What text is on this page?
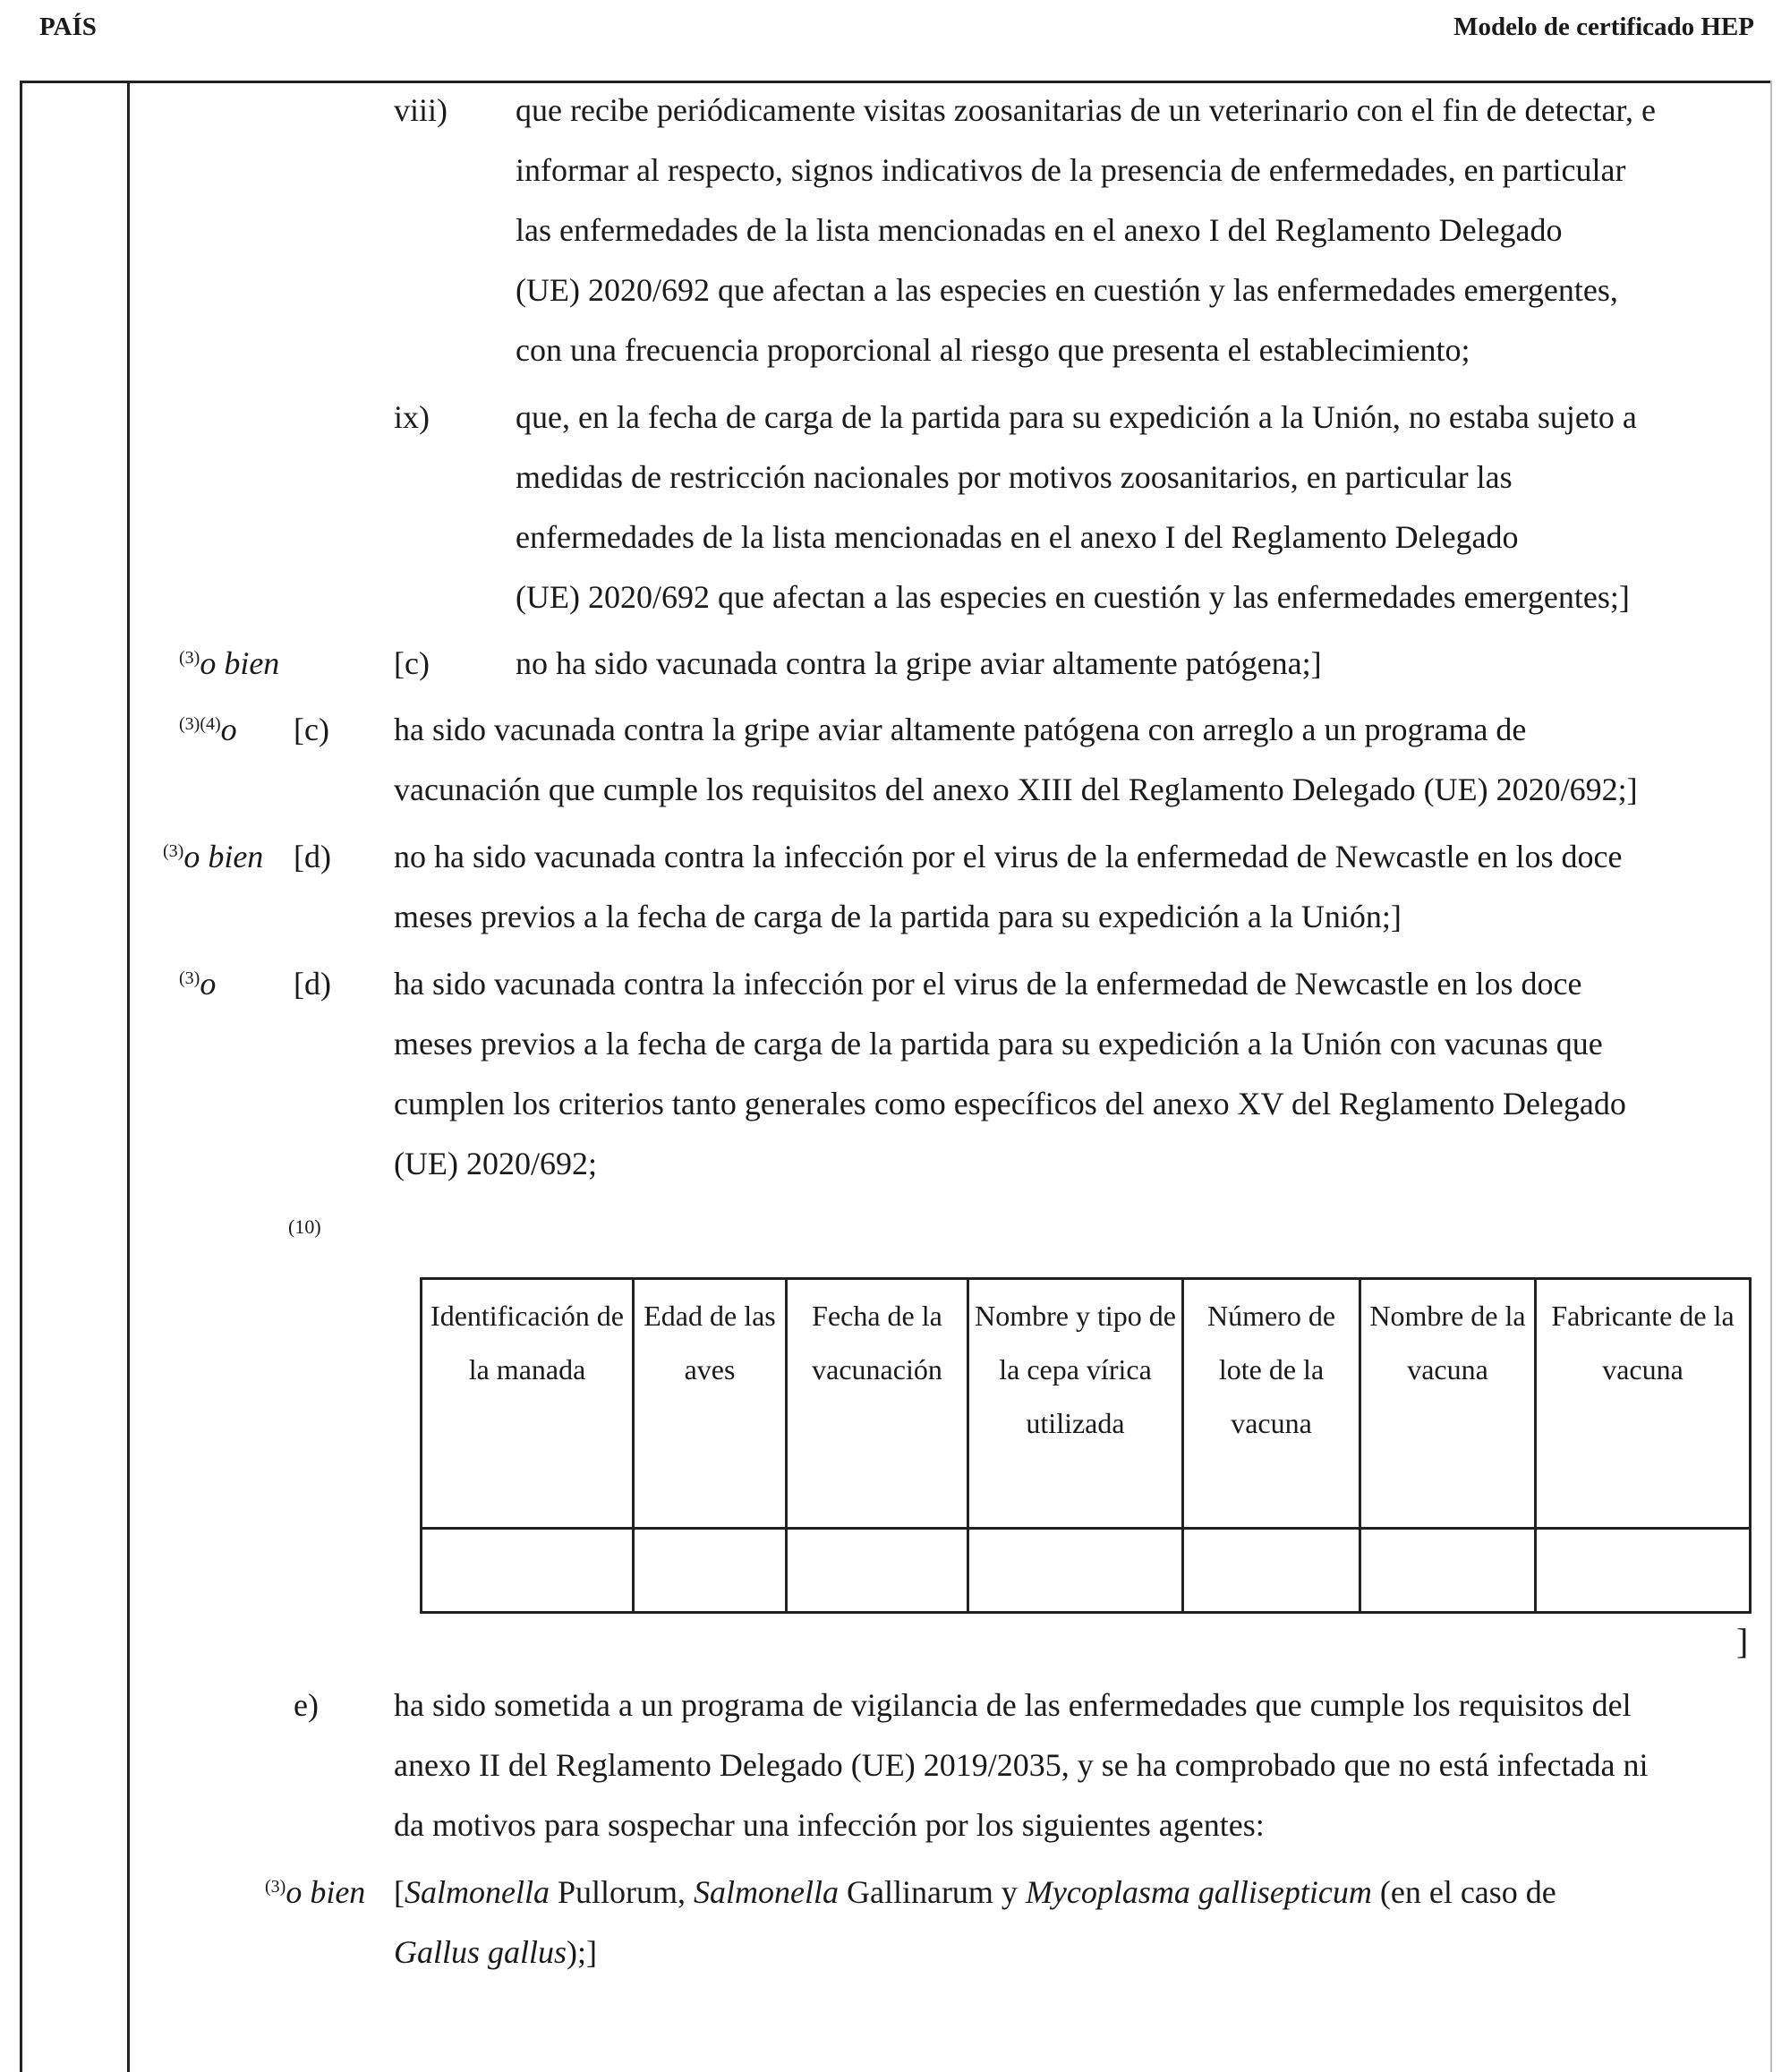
PAÍS	Modelo de certificado HEP
viii) que recibe periódicamente visitas zoosanitarias de un veterinario con el fin de detectar, e
informar al respecto, signos indicativos de la presencia de enfermedades, en particular
las enfermedades de la lista mencionadas en el anexo I del Reglamento Delegado
(UE) 2020/692 que afectan a las especies en cuestión y las enfermedades emergentes,
con una frecuencia proporcional al riesgo que presenta el establecimiento;
ix)	que, en la fecha de carga de la partida para su expedición a la Unión, no estaba sujeto a
medidas de restricción nacionales por motivos zoosanitarios, en particular las
enfermedades de la lista mencionadas en el anexo I del Reglamento Delegado
(UE) 2020/692 que afectan a las especies en cuestión y las enfermedades emergentes;]
$^{(3)}$o bien	[c)	no ha sido vacunada contra la gripe aviar altamente patógena;]
$^{(3)(4)}$o [c) ha sido vacunada contra la gripe aviar altamente patógena con arreglo a un programa de
vacunación que cumple los requisitos del anexo XIII del Reglamento Delegado (UE) 2020/692;]
$^{(3)}$o bien [d) no ha sido vacunada contra la infección por el virus de la enfermedad de Newcastle en los doce
meses previos a la fecha de carga de la partida para su expedición a la Unión;]
$^{(3)}$o [d) ha sido vacunada contra la infección por el virus de la enfermedad de Newcastle en los doce
meses previos a la fecha de carga de la partida para su expedición a la Unión con vacunas que
cumplen los criterios tanto generales como específicos del anexo XV del Reglamento Delegado
(UE) 2020/692;
(10)
Identificación de la manada	Edad de las aves	Fecha de la vacunación	Nombre y tipo de la cepa vírica utilizada	Número de lote de la vacuna	Nombre de la vacuna	Fabricante de la vacuna

]
e) ha sido sometida a un programa de vigilancia de las enfermedades que cumple los requisitos del
anexo II del Reglamento Delegado (UE) 2019/2035, y se ha comprobado que no está infectada ni
da motivos para sospechar una infección por los siguientes agentes:
$^{(3)}$o bien [Salmonella Pullorum, Salmonella Gallinarum y Mycoplasma gallisepticum (en el caso de
Gallus gallus);]
